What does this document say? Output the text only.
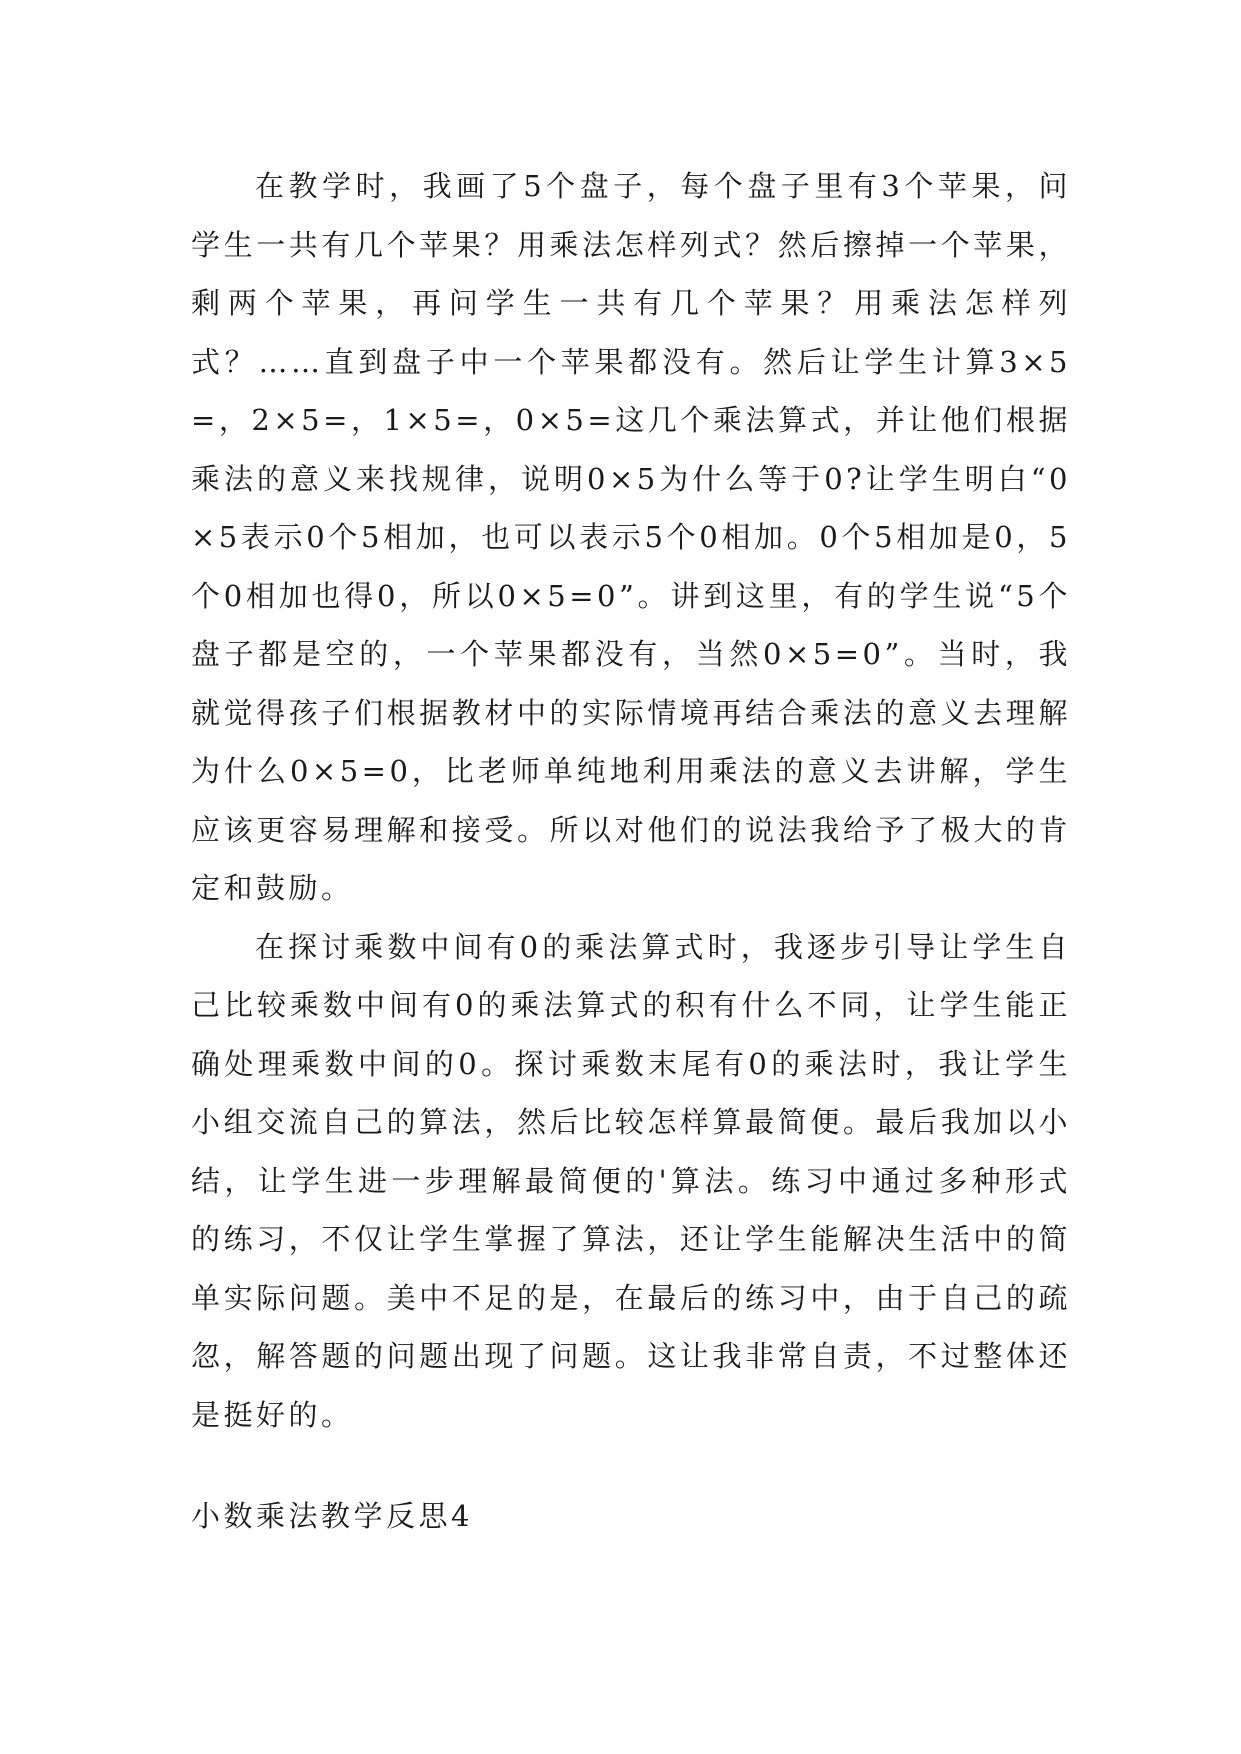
在教学时，我画了5个盘子，每个盘子里有3个苹果，问学生一共有几个苹果？用乘法怎样列式？然后擦掉一个苹果，剩两个苹果，再问学生一共有几个苹果？用乘法怎样列式？……直到盘子中一个苹果都没有。然后让学生计算3×5=，2×5=，1×5=，0×5=这几个乘法算式，并让他们根据乘法的意义来找规律，说明0×5为什么等于0?让学生明白“0×5表示0个5相加，也可以表示5个0相加。0个5相加是0，5个0相加也得0，所以0×5=0”。讲到这里，有的学生说“5个盘子都是空的，一个苹果都没有，当然0×5=0”。当时，我就觉得孩子们根据教材中的实际情境再结合乘法的意义去理解为什么0×5=0，比老师单纯地利用乘法的意义去讲解，学生应该更容易理解和接受。所以对他们的说法我给予了极大的肯定和鼓励。

在探讨乘数中间有0的乘法算式时，我逐步引导让学生自己比较乘数中间有0的乘法算式的积有什么不同，让学生能正确处理乘数中间的0。探讨乘数末尾有0的乘法时，我让学生小组交流自己的算法，然后比较怎样算最简便。最后我加以小结，让学生进一步理解最简便的'算法。练习中通过多种形式的练习，不仅让学生掌握了算法，还让学生能解决生活中的简单实际问题。美中不足的是，在最后的练习中，由于自己的疏忽，解答题的问题出现了问题。这让我非常自责，不过整体还是挺好的。

小数乘法教学反思4
